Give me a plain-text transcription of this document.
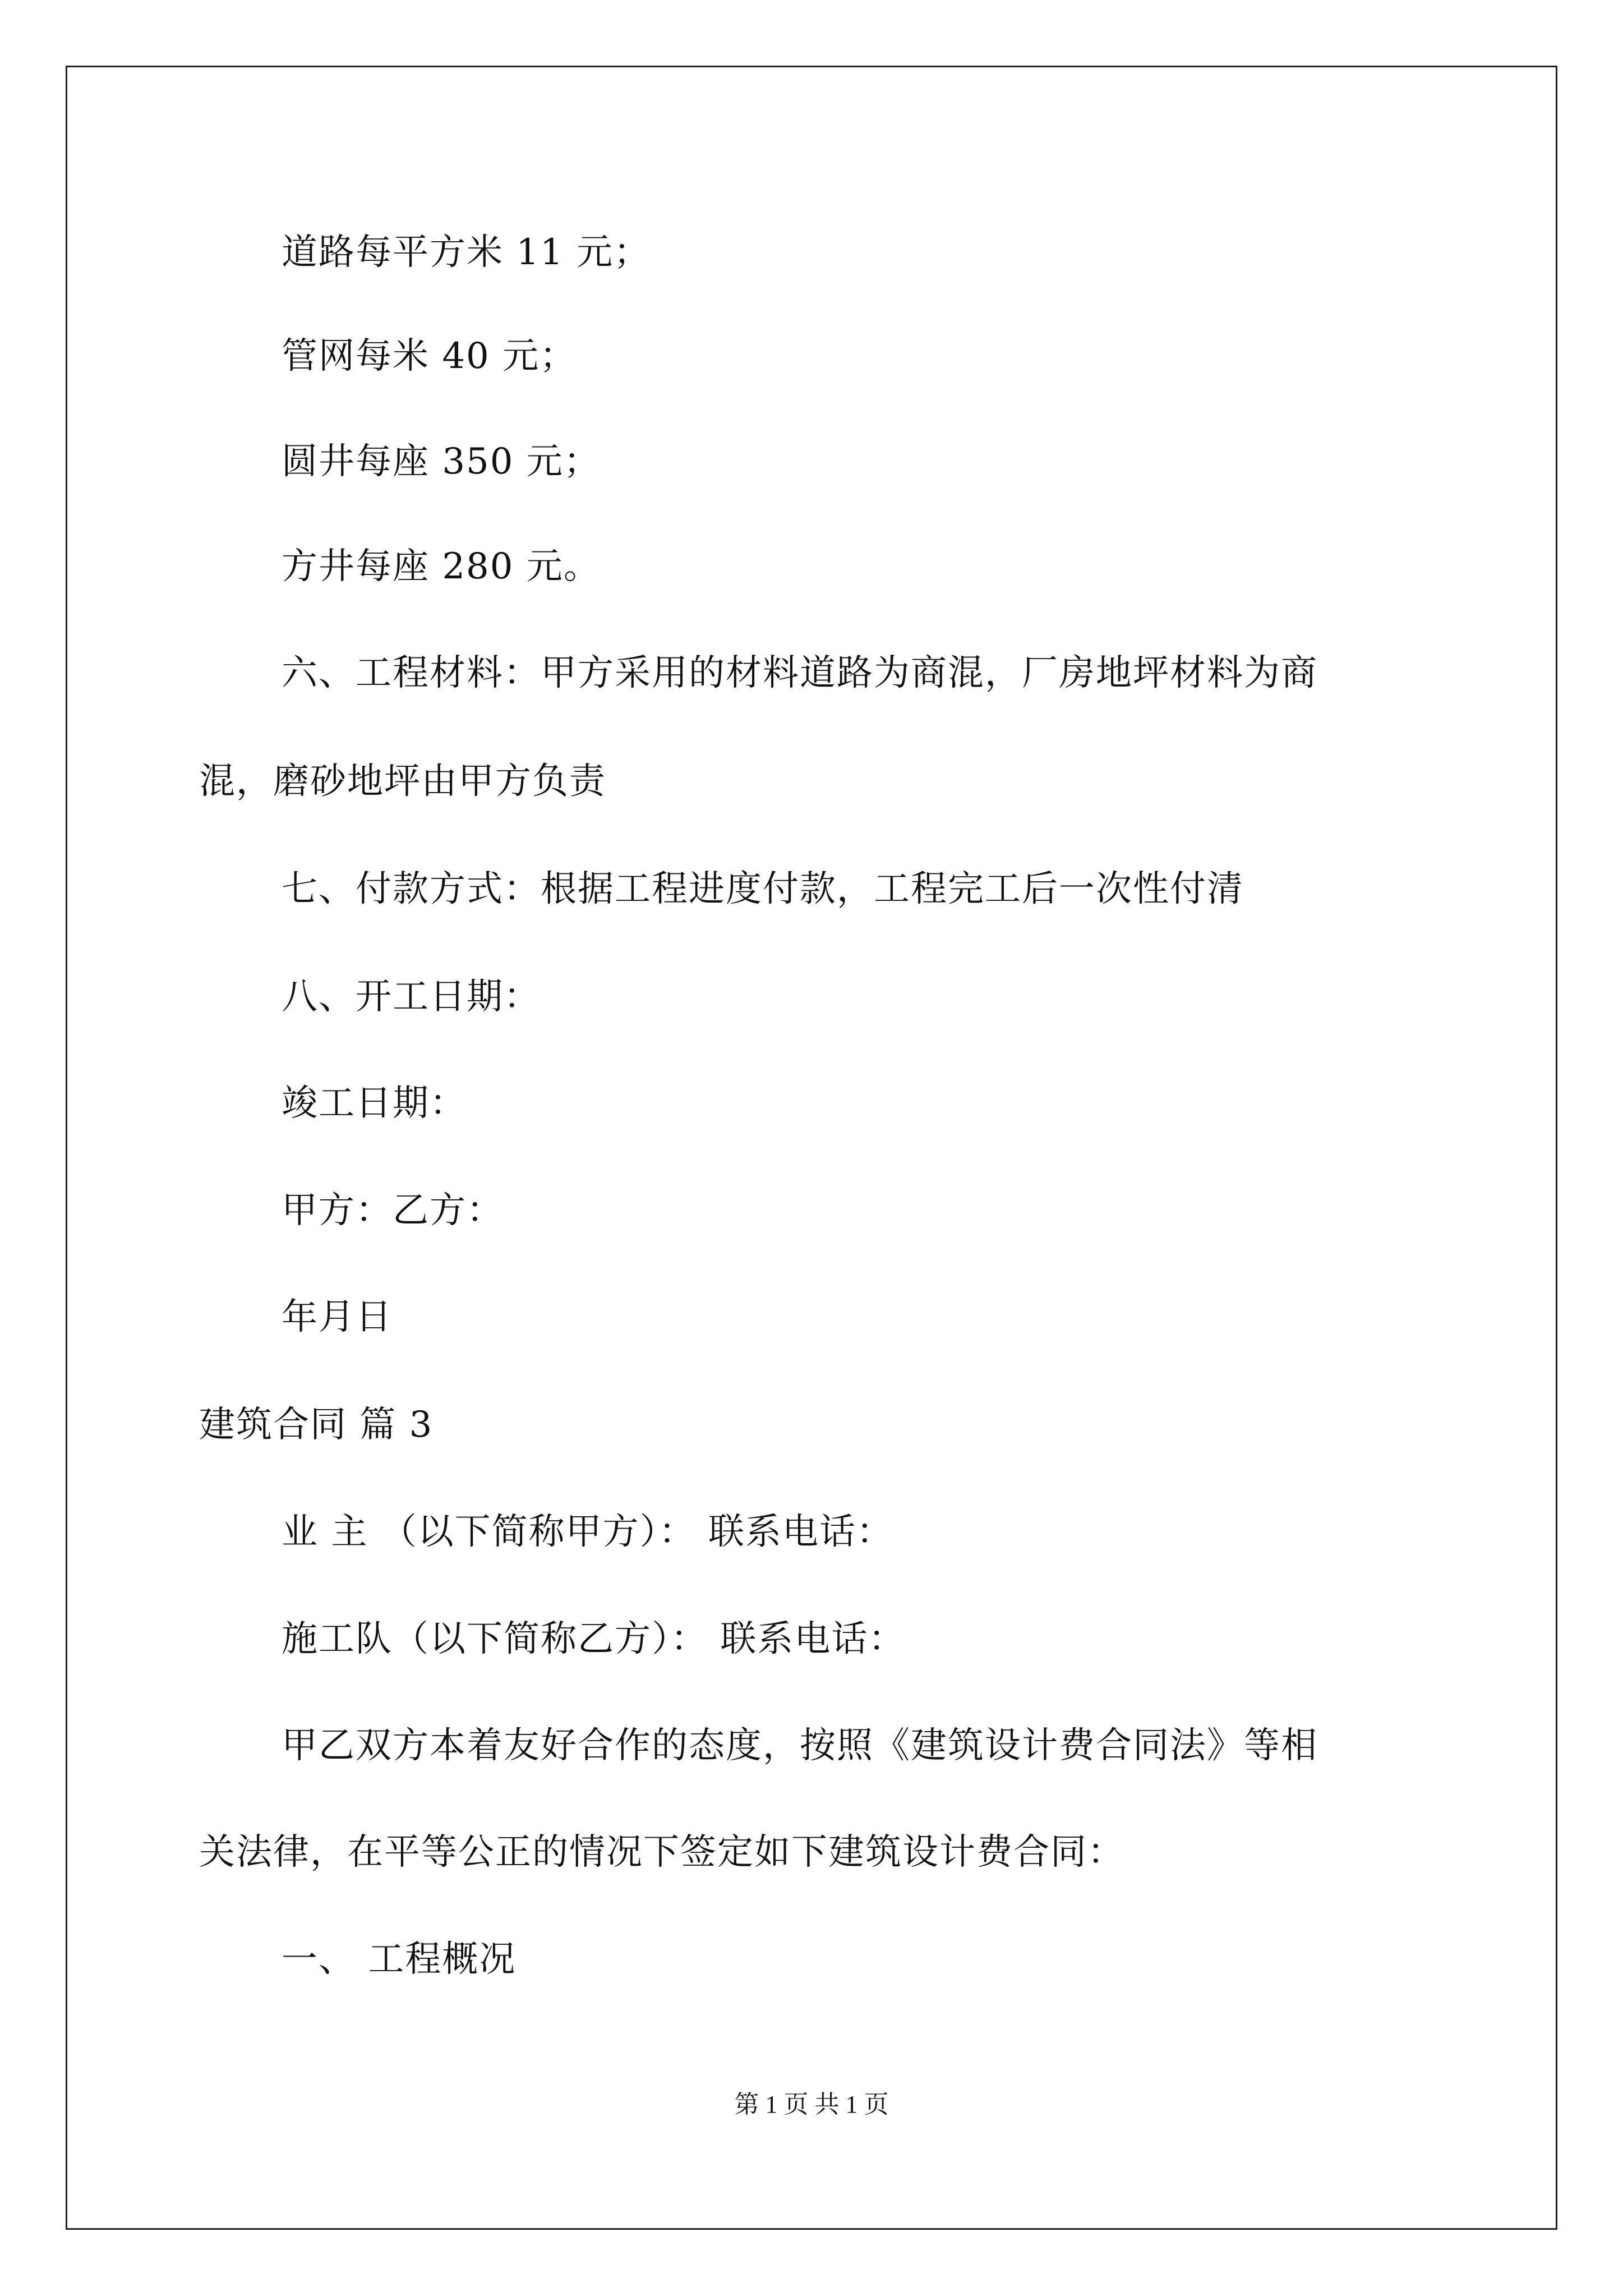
道路每平方米 11 元；
管网每米 40 元；
圆井每座 350 元；
方井每座 280 元。
六、工程材料：甲方采用的材料道路为商混，厂房地坪材料为商
混，磨砂地坪由甲方负责
七、付款方式：根据工程进度付款，工程完工后一次性付清
八、开工日期：
竣工日期：
甲方：乙方：
年月日
建筑合同 篇 3
业 主 （以下简称甲方）： 联系电话：
施工队（以下简称乙方）： 联系电话：
甲乙双方本着友好合作的态度，按照《建筑设计费合同法》等相
关法律，在平等公正的情况下签定如下建筑设计费合同：
一、 工程概况
第 1 页 共 1 页
